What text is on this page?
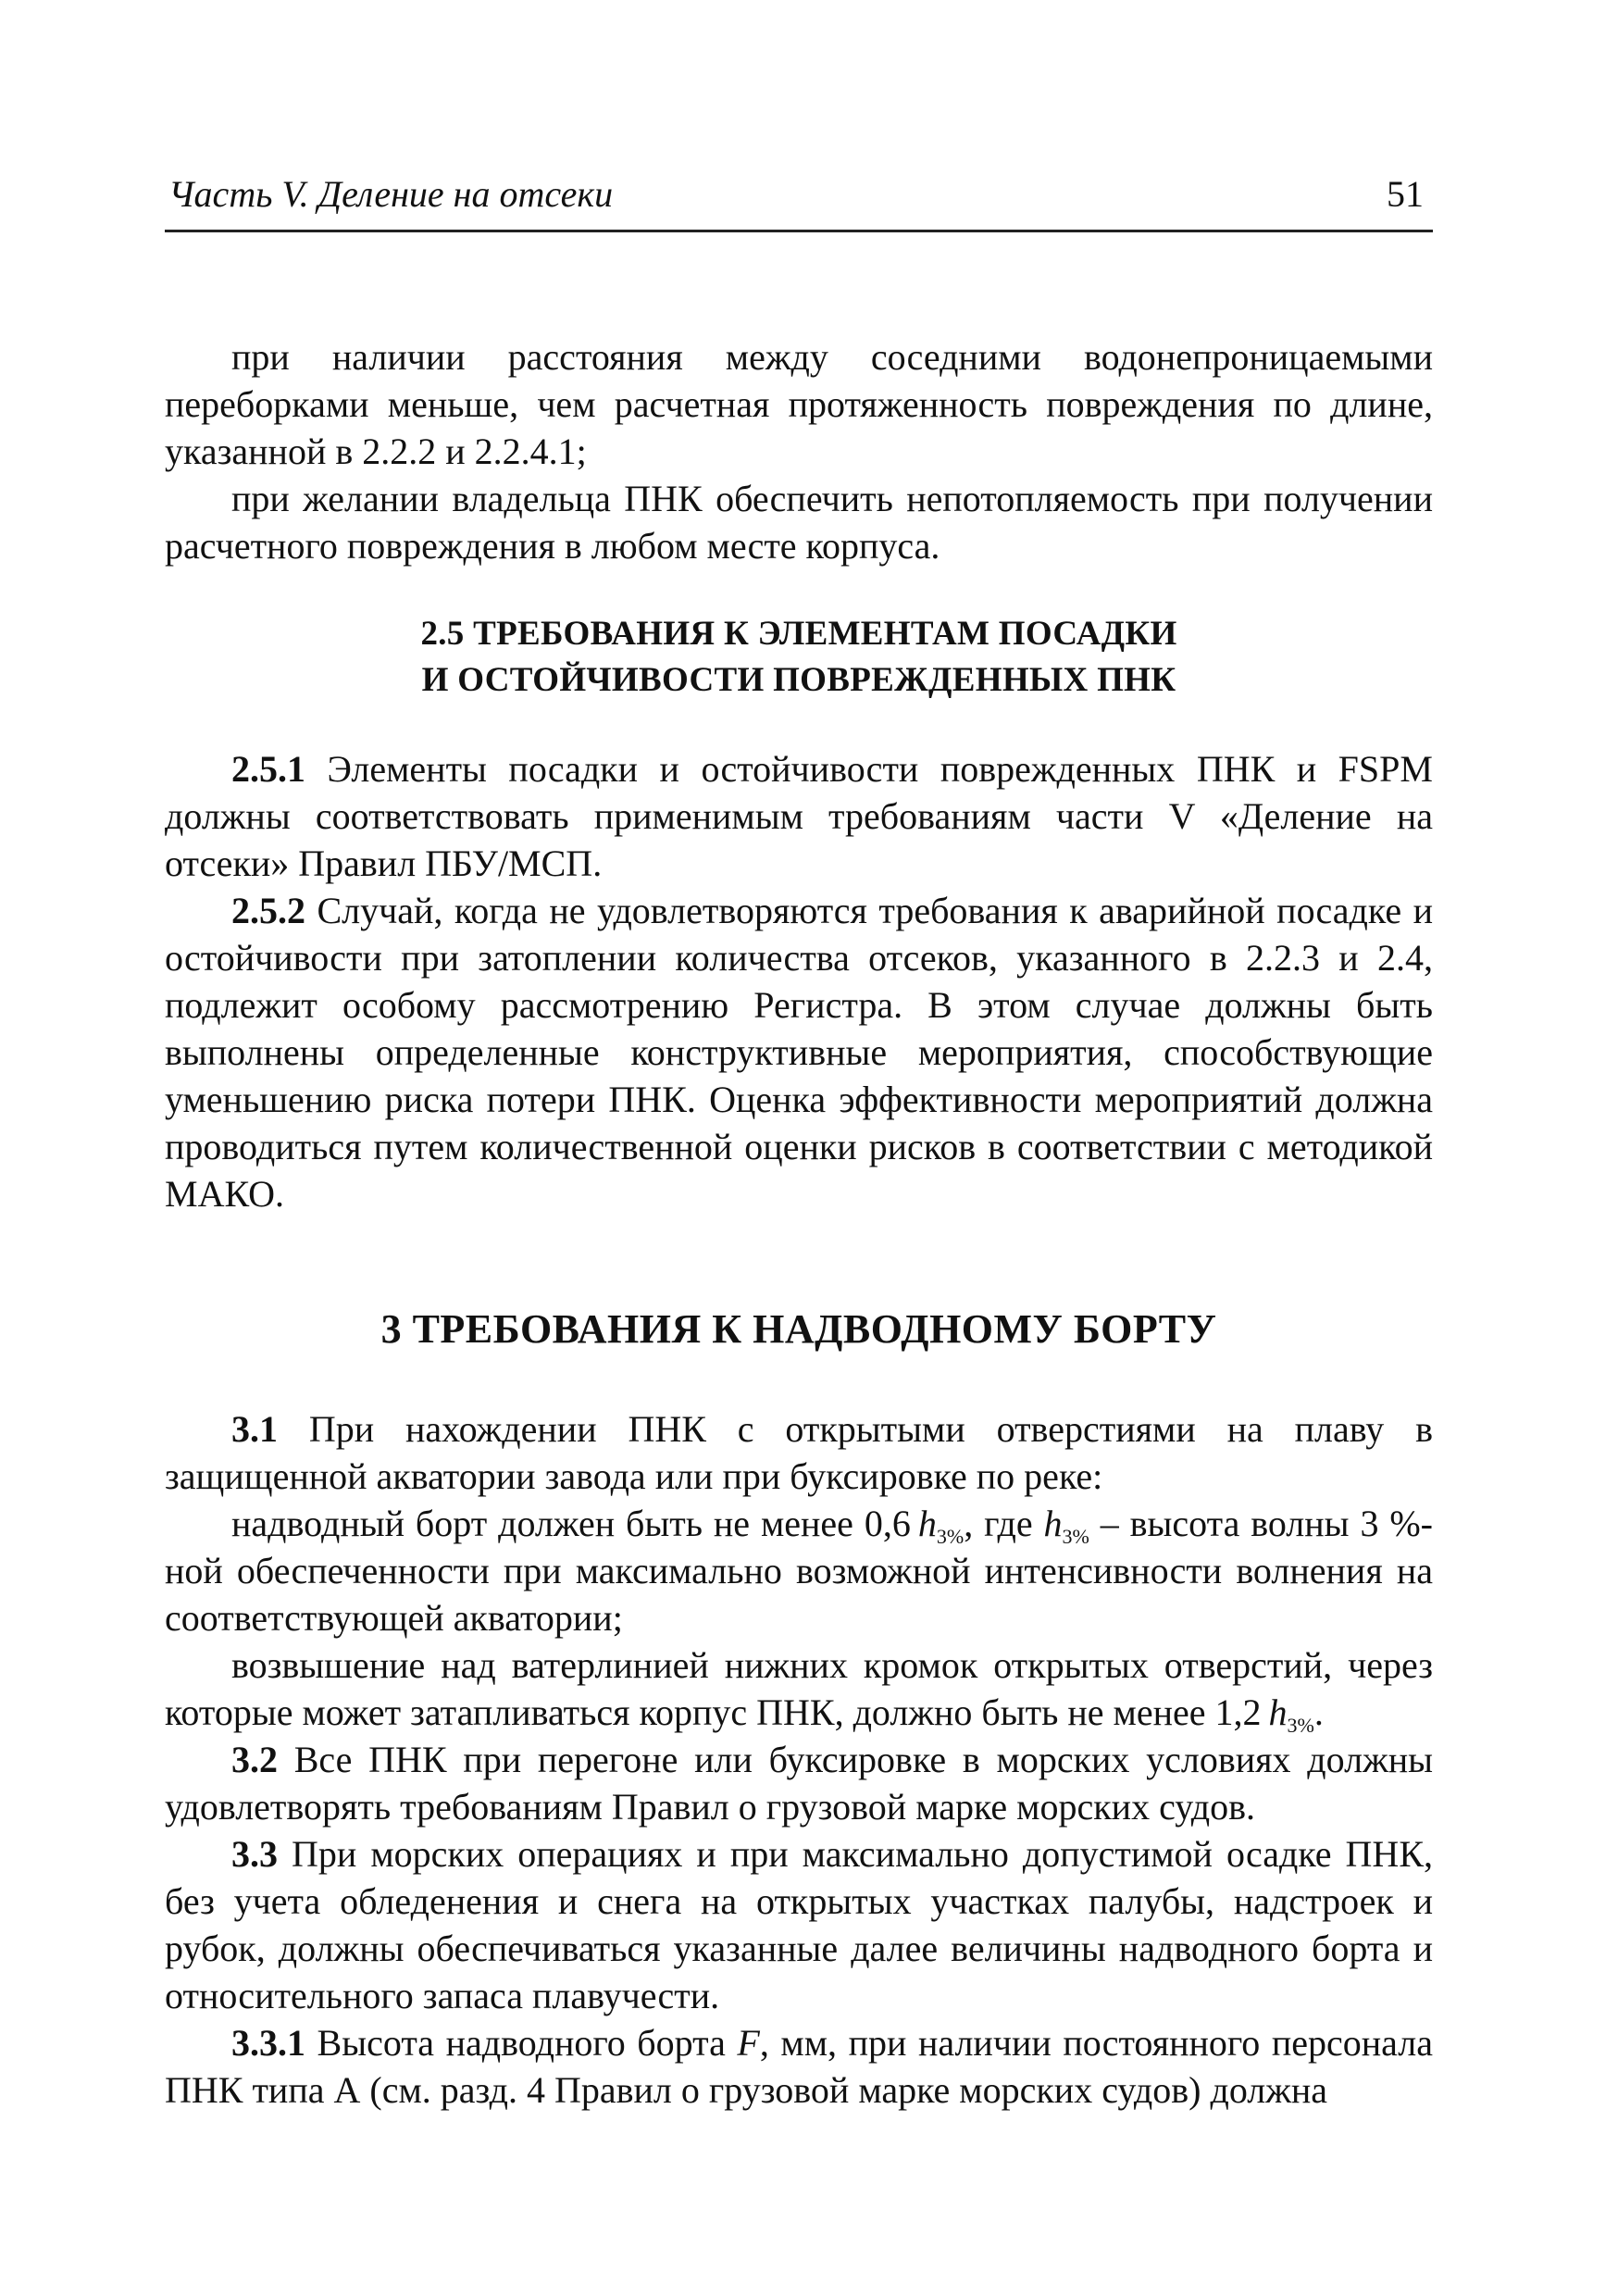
Часть V. Деление на отсеки	51

при наличии расстояния между соседними водонепроницаемыми переборками меньше, чем расчетная протяженность повреждения по длине, указанной в 2.2.2 и 2.2.4.1;

при желании владельца ПНК обеспечить непотопляемость при получении расчетного повреждения в любом месте корпуса.

2.5 ТРЕБОВАНИЯ К ЭЛЕМЕНТАМ ПОСАДКИ
И ОСТОЙЧИВОСТИ ПОВРЕЖДЕННЫХ ПНК

2.5.1 Элементы посадки и остойчивости поврежденных ПНК и FSPM должны соответствовать применимым требованиям части V «Деление на отсеки» Правил ПБУ/МСП.

2.5.2 Случай, когда не удовлетворяются требования к аварийной посадке и остойчивости при затоплении количества отсеков, указанного в 2.2.3 и 2.4, подлежит особому рассмотрению Регистра. В этом случае должны быть выполнены определенные конструктивные мероприятия, способствующие уменьшению риска потери ПНК. Оценка эффективности мероприятий должна проводиться путем количественной оценки рисков в соответствии с методикой МАКО.

3 ТРЕБОВАНИЯ К НАДВОДНОМУ БОРТУ

3.1 При нахождении ПНК с открытыми отверстиями на плаву в защищенной акватории завода или при буксировке по реке:

надводный борт должен быть не менее 0,6  $h_{3\%}$, где $h_{3\%}$ – высота волны 3 %-ной обеспеченности при максимально возможной интенсивности волнения на соответствующей акватории;

возвышение над ватерлинией нижних кромок открытых отверстий, через которые может затапливаться корпус ПНК, должно быть не менее 1,2  $h_{3\%}$.

3.2 Все ПНК при перегоне или буксировке в морских условиях должны удовлетворять требованиям Правил о грузовой марке морских судов.

3.3 При морских операциях и при максимально допустимой осадке ПНК, без учета обледенения и снега на открытых участках палубы, надстроек и рубок, должны обеспечиваться указанные далее величины надводного борта и относительного запаса плавучести.

3.3.1 Высота надводного борта F, мм, при наличии постоянного персонала ПНК типа А (см. разд. 4 Правил о грузовой марке морских судов) должна
